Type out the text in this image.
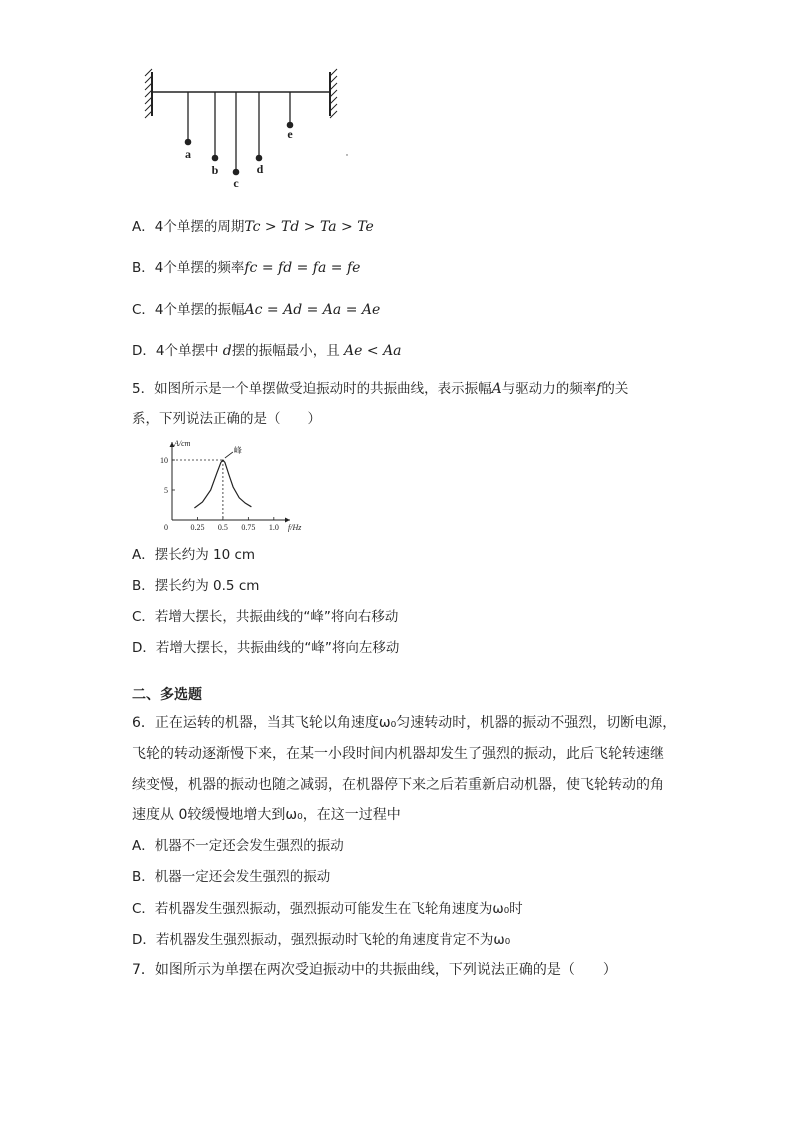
a
b
c
d
e
A．4个单摆的周期Tc > Td > Ta > Te
B．4个单摆的频率fc = fd = fa = fe
C．4个单摆的振幅Ac = Ad = Aa = Ae
D．4个单摆中 d摆的振幅最小，且 Ae < Aa
5．如图所示是一个单摆做受迫振动时的共振曲线，表示振幅A与驱动力的频率f的关
系，下列说法正确的是（　　）
A/cm
f/Hz
0	0.25 0.5 0.75 1.0
5
10
峰
A．摆长约为 10 cm
B．摆长约为 0.5 cm
C．若增大摆长，共振曲线的“峰”将向右移动
D．若增大摆长，共振曲线的“峰”将向左移动
二、多选题
6．正在运转的机器，当其飞轮以角速度ω₀匀速转动时，机器的振动不强烈，切断电源，
飞轮的转动逐渐慢下来，在某一小段时间内机器却发生了强烈的振动，此后飞轮转速继
续变慢，机器的振动也随之减弱，在机器停下来之后若重新启动机器，使飞轮转动的角
速度从 0较缓慢地增大到ω₀，在这一过程中
A．机器不一定还会发生强烈的振动
B．机器一定还会发生强烈的振动
C．若机器发生强烈振动，强烈振动可能发生在飞轮角速度为ω₀时
D．若机器发生强烈振动，强烈振动时飞轮的角速度肯定不为ω₀
7．如图所示为单摆在两次受迫振动中的共振曲线，下列说法正确的是（　　）
